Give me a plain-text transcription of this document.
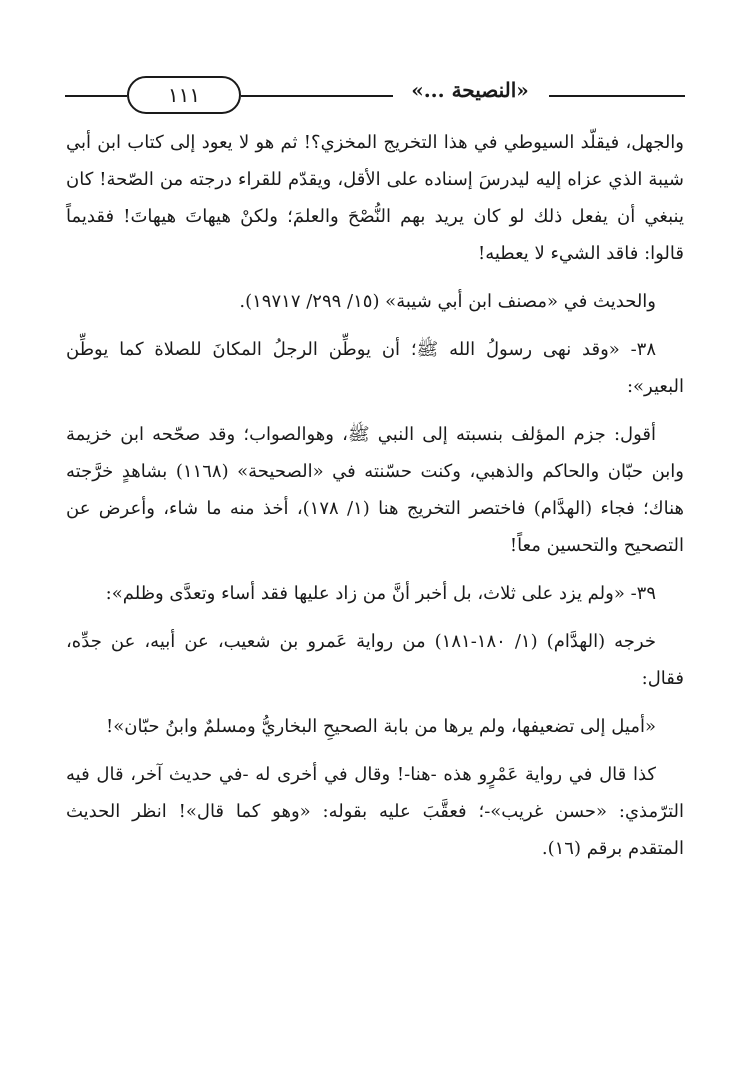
١١١	«النصيحة ...»

والجهل، فيقلّد السيوطي في هذا التخريج المخزي؟! ثم هو لا يعود إلى كتاب ابن أبي شيبة الذي عزاه إليه ليدرسَ إسناده على الأقل، ويقدّم للقراء درجته من الصّحة! كان ينبغي أن يفعل ذلك لو كان يريد بهم النُّصْحَ والعلمَ؛ ولكنْ هيهاتَ هيهاتَ! فقديماً قالوا: فاقد الشيء لا يعطيه!

والحديث في «مصنف ابن أبي شيبة» (١٥/ ٢٩٩/ ١٩٧١٧).

٣٨- «وقد نهى رسولُ الله ﷺ؛ أن يوطِّن الرجلُ المكانَ للصلاة كما يوطِّن البعير»:

أقول: جزم المؤلف بنسبته إلى النبي ﷺ، وهوالصواب؛ وقد صحّحه ابن خزيمة وابن حبّان والحاكم والذهبي، وكنت حسّنته في «الصحيحة» (١١٦٨) بشاهدٍ خرَّجته هناك؛ فجاء (الهدَّام) فاختصر التخريج هنا (١/ ١٧٨)، أخذ منه ما شاء، وأعرض عن التصحيح والتحسين معاً!

٣٩- «ولم يزد على ثلاث، بل أخبر أنَّ من زاد عليها فقد أساء وتعدَّى وظلم»:

خرجه (الهدَّام) (١/ ١٨٠-١٨١) من رواية عَمرو بن شعيب، عن أبيه، عن جدِّه، فقال:

«أميل إلى تضعيفها، ولم يرها من بابة الصحيحِ البخاريُّ ومسلمٌ وابنُ حبّان»!

كذا قال في رواية عَمْرٍو هذه -هنا-! وقال في أخرى له -في حديث آخر، قال فيه الترّمذي: «حسن غريب»-؛ فعقَّبَ عليه بقوله: «وهو كما قال»! انظر الحديث المتقدم برقم (١٦).
